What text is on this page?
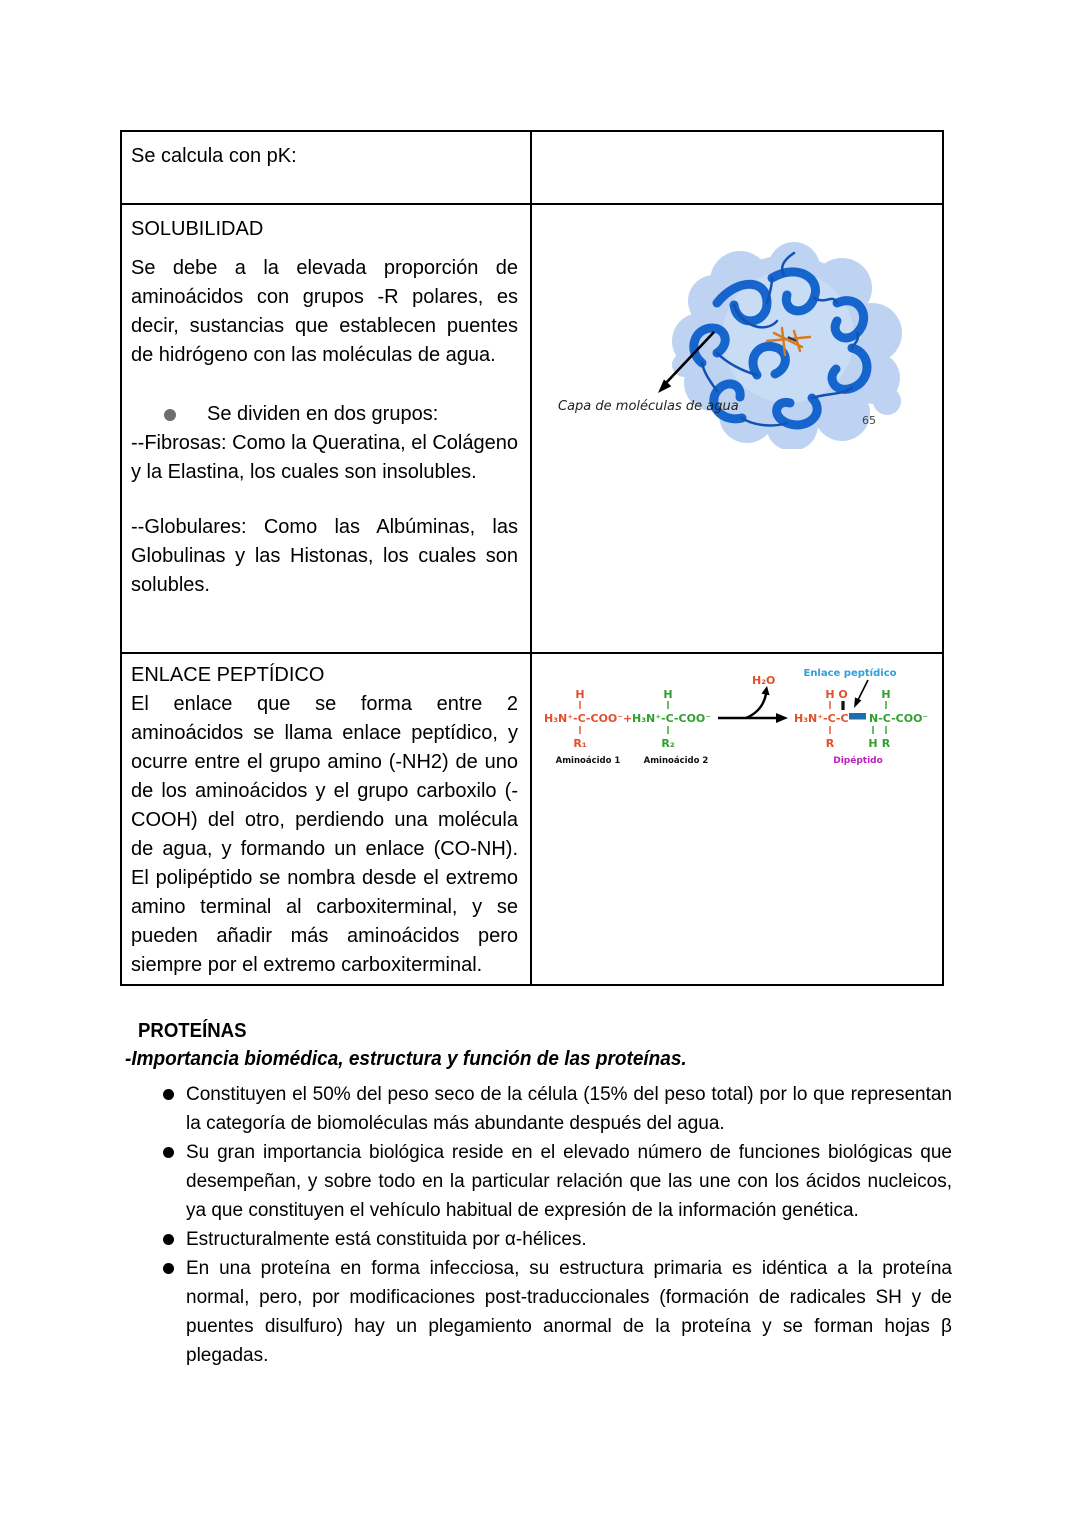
Se calcula con pK:	

SOLUBILIDAD

Se debe a la elevada proporción de aminoácidos con grupos -R polares, es decir, sustancias que establecen puentes de hidrógeno con las moléculas de agua.

Se dividen en dos grupos:

--Fibrosas: Como la Queratina, el Colágeno y la Elastina, los cuales son insolubles.

--Globulares: Como las Albúminas, las Globulinas y las Histonas, los cuales son solubles.

Capa de moléculas de agua
65

ENLACE PEPTÍDICO

El enlace que se forma entre 2 aminoácidos se llama enlace peptídico, y ocurre entre el grupo amino (-NH2) de uno de los aminoácidos y el grupo carboxilo (-COOH) del otro, perdiendo una molécula de agua, y formando un enlace (CO-NH). El polipéptido se nombra desde el extremo amino terminal al carboxiterminal, y se pueden añadir más aminoácidos pero siempre por el extremo carboxiterminal.

H
H₃N⁺-C-COO⁻
R₁
Aminoácido 1
+
H
H₃N⁺-C-COO⁻
R₂
Aminoácido 2
H₂O
H O
H₃N⁺-C-C
R
N-C-COO⁻
H
H
R
Dipéptido
Enlace peptídico
PROTEÍNAS
-Importancia biomédica, estructura y función de las proteínas.
Constituyen el 50% del peso seco de la célula (15% del peso total) por lo que representan la categoría de biomoléculas más abundante después del agua.
Su gran importancia biológica reside en el elevado número de funciones biológicas que desempeñan, y sobre todo en la particular relación que las une con los ácidos nucleicos, ya que constituyen el vehículo habitual de expresión de la información genética.
Estructuralmente está constituida por α-hélices.
En una proteína en forma infecciosa, su estructura primaria es idéntica a la proteína normal, pero, por modificaciones post-traduccionales (formación de radicales SH y de puentes disulfuro) hay un plegamiento anormal de la proteína y se forman hojas β plegadas.
